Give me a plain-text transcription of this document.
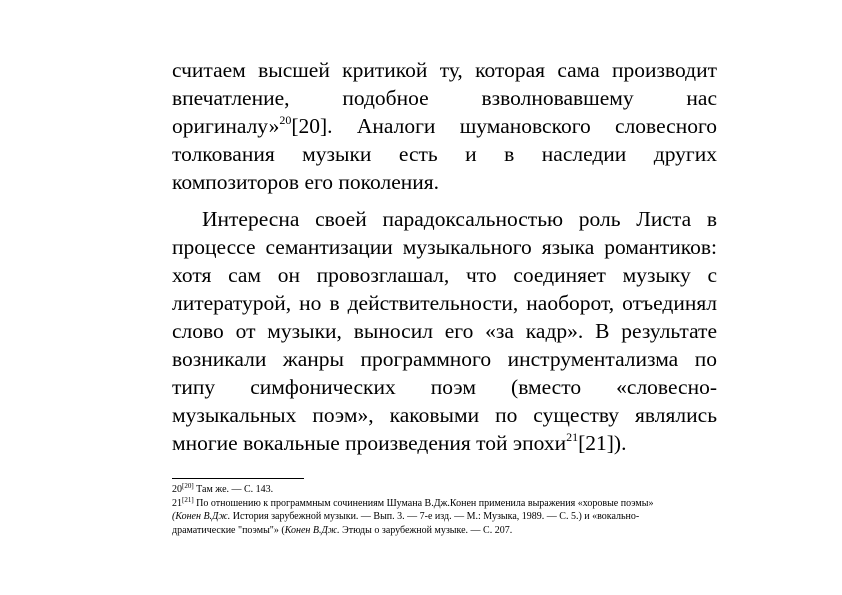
считаем высшей критикой ту, которая сама производит
впечатление, подобное взволновавшему нас
оригиналу»$^{20}$[20]. Аналоги шумановского словесного
толкования музыки есть и в наследии других
композиторов его поколения.
Интересна своей парадоксальностью роль Листа в
процессе семантизации музыкального языка романтиков:
хотя сам он провозглашал, что соединяет музыку с
литературой, но в действительности, наоборот, отъединял
слово от музыки, выносил его «за кадр». В результате
возникали жанры программного инструментализма по
типу симфонических поэм (вместо «словесно-
музыкальных поэм», каковыми по существу являлись
многие вокальные произведения той эпохи$^{21}$[21]).
20[20] Там же. — С. 143.
21[21] По отношению к программным сочинениям Шумана В.Дж.Конен применила выражения «хоровые поэмы»
(Конен В.Дж. История зарубежной музыки. — Вып. 3. — 7-е изд. — М.: Музыка, 1989. — С. 5.) и «вокально-
драматические "поэмы"» (Конен В.Дж. Этюды о зарубежной музыке. — С. 207.
